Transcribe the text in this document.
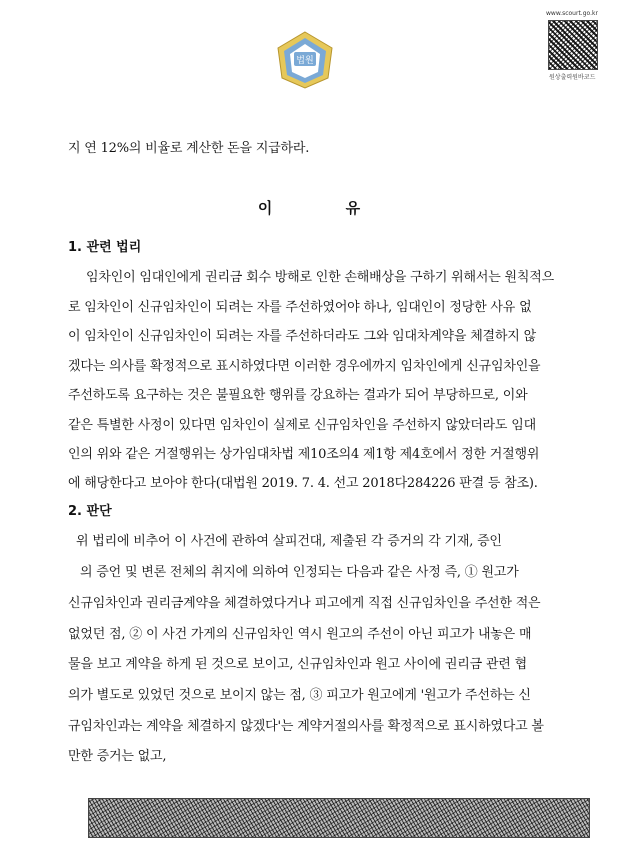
법원
www.scourt.go.kr
원상출력원바코드
지 연 12%의 비율로 계산한 돈을 지급하라.
이 유
1. 관련 법리
임차인이 임대인에게 권리금 회수 방해로 인한 손해배상을 구하기 위해서는 원칙적으
로 임차인이 신규임차인이 되려는 자를 주선하였어야 하나, 임대인이 정당한 사유 없
이 임차인이 신규임차인이 되려는 자를 주선하더라도 그와 임대차계약을 체결하지 않
겠다는 의사를 확정적으로 표시하였다면 이러한 경우에까지 임차인에게 신규임차인을
주선하도록 요구하는 것은 불필요한 행위를 강요하는 결과가 되어 부당하므로, 이와
같은 특별한 사정이 있다면 임차인이 실제로 신규임차인을 주선하지 않았더라도 임대
인의 위와 같은 거절행위는 상가임대차법 제10조의4 제1항 제4호에서 정한 거절행위
에 해당한다고 보아야 한다(대법원 2019. 7. 4. 선고 2018다284226 판결 등 참조).
2. 판단
위 법리에 비추어 이 사건에 관하여 살피건대, 제출된 각 증거의 각 기재, 증인
의 증언 및 변론 전체의 취지에 의하여 인정되는 다음과 같은 사정 즉, ① 원고가
신규임차인과 권리금계약을 체결하였다거나 피고에게 직접 신규임차인을 주선한 적은
없었던 점, ② 이 사건 가게의 신규임차인 역시 원고의 주선이 아닌 피고가 내놓은 매
물을 보고 계약을 하게 된 것으로 보이고, 신규임차인과 원고 사이에 권리금 관련 협
의가 별도로 있었던 것으로 보이지 않는 점, ③ 피고가 원고에게 '원고가 주선하는 신
규임차인과는 계약을 체결하지 않겠다'는 계약거절의사를 확정적으로 표시하였다고 볼
만한 증거는 없고,
